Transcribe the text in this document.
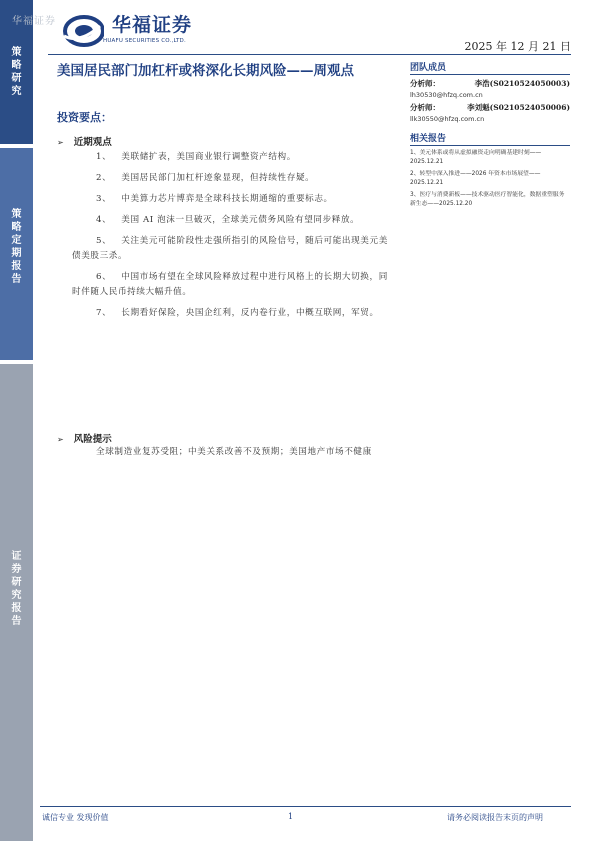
策
略
研
究
策
略
定
期
报
告
证
券
研
究
报
告
华福证券	华福证券
HUAFU SECURITIES CO.,LTD.	2025 年 12 月 21 日
美国居民部门加杠杆或将深化长期风险——周观点
投资要点：
➢ 近期观点
1、 美联储扩表，美国商业银行调整资产结构。
2、 美国居民部门加杠杆迹象显现，但持续性存疑。
3、 中美算力芯片博弈是全球科技长期通缩的重要标志。
4、 美国 AI 泡沫一旦破灭，全球美元债务风险有望同步释放。
5、 关注美元可能阶段性走强所指引的风险信号，随后可能出现美元美债美股三杀。
6、 中国市场有望在全球风险释放过程中进行风格上的长期大切换，同时伴随人民币持续大幅升值。
7、 长期看好保险，央国企红利，反内卷行业，中概互联网，军贸。
➢ 风险提示
全球制造业复苏受阻；中美关系改善不及预期；美国地产市场不健康
团队成员
分析师：	李浩(S0210524050003)
lh30530@hfzq.com.cn
分析师：	李刘魁(S0210524050006)
llk30550@hfzq.com.cn
相关报告
1、美元体系或将从虚拟融资走向明确基建时刻——2025.12.21
2、转型中深入推进——2026 年资本市场展望——2025.12.21
3、医疗与消费新板——技术驱动医疗智能化，数据重塑服务新生态——2025.12.20
诚信专业 发现价值	1	请务必阅读报告末页的声明
